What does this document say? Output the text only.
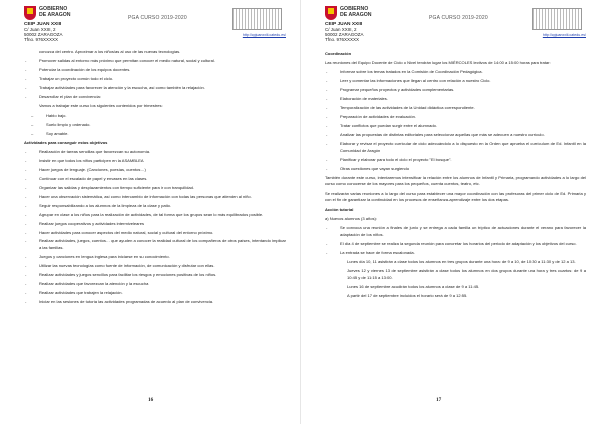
GOBIERNO
DE ARAGON
CEIP JUAN XXIII
C/ Juan XXIII, 2
50002 ZARAGOZA
Tfno. 976XXXXX
PGA CURSO 2019-2020
http://cpjuanxxiii.catedu.es/

conozca del centro. Aproximar a los niños/as al uso de las nuevas tecnologías.

- Promover salidas al entorno más próximo que permitan conocer el medio natural, social y cultural.
- Potenciar la coordinación de los equipos docentes.
- Trabajar un proyecto común todo el ciclo.
- Trabajar actividades para favorecer la atención y la escucha, así como también la relajación.
- Desarrollar el plan de convivencia:

Vamos a trabajar este curso los siguientes contenidos por trimestres:

– Hablo bajo.
– Suelo limpio y ordenado.
– Soy amable.
Actividades para conseguir estos objetivos
- Realización de tareas sencillas que favorezcan su autonomía.
- Insistir en que todos los niños participen en la ASAMBLEA
- Hacer juegos de lenguaje. (Canciones, poesías, cuentos…)
- Continuar con el escalado de papel y envases en las clases.
- Organizar las salidas y desplazamientos con tiempo suficiente para ir con tranquilidad.
- Hacer una observación sistemática, así como intercambio de información con todas las personas que atienden al niño.
- Seguir responsabilizando a los alumnos de la limpieza de la clase y patio.
- Agrupar en clase a los niños para la realización de actividades, de tal forma que los grupos sean lo más equilibrados posible.
- Realizar juegos cooperativos y actividades intermiveleares
- Hacer actividades para conocer aspectos del medio natural, social y cultural del entorno próximo.
- Realizar actividades, juegos, cuentos… que ayuden a conocer la realidad cultural de los compañeros de otros países, intentando implicar a las familias.
- Juegos y canciones en lengua inglesa para iniciarse en su conocimiento.
- Utilizar las nuevas tecnologías como fuente de información, de comunicación y disfrutar con ellas.
- Realizar actividades y juegos sencillos para facilitar los riesgos y emociones positivas de los niños.
- Realizar actividades que favorezcan la atención y la escucha
- Realizar actividades que trabajen la relajación.
- Iniciar en las sesiones de tutoría las actividades programadas de acuerdo al plan de convivencia.
16
GOBIERNO
DE ARAGON
CEIP JUAN XXIII
C/ Juan XXIII, 2
50002 ZARAGOZA
Tfno. 976XXXXX
PGA CURSO 2019-2020
http://cpjuanxxiii.catedu.es/
Coordinación

Las reuniones del Equipo Docente de Ciclo o Nivel tendrán lugar los MIÉRCOLES lectivos de 14:00 a 15:00 horas para tratar:

- Informar sobre los temas tratados en la Comisión de Coordinación Pedagógica.
- Leer y comentar las informaciones que llegan al centro con relación a nuestro Ciclo.
- Programar pequeños proyectos y actividades complementarias.
- Elaboración de materiales.
- Temporalización de las actividades de la Unidad didáctica correspondiente.
- Preparación de actividades de evaluación.
- Tratar conflictos que puedan surgir entre el alumnado.
- Analizar las propuestas de distintas editoriales para seleccionar aquellas que más se adecuen a nuestro currículo.
- Elaborar y revisar el proyecto curricular de ciclo adecuándolo a lo dispuesto en la Orden que aprueba el currículum de Ed. Infantil en la Comunidad de Aragón
- Planificar y elaborar para todo el ciclo el proyecto "El bosque".
- Otras cuestiones que vayan surgiendo

También durante este curso, intentaremos intensificar la relación entre los alumnos de Infantil y Primaria, programando actividades a lo largo del curso como conocerse de los mayores para los pequeños, cuenta cuentos, teatro, etc.

Se realizarán varias reuniones a lo largo del curso para establecer una mayor coordinación con las profesoras del primer ciclo de Ed. Primaria y con el fin de garantizar la continuidad en los procesos de enseñanza-aprendizaje entre los dos etapas.

Acción tutorial

a) Nuevos alumnos (3 años):

- Se convoca una reunión a finales de junio y se entrega a cada familia un tríptico de actuaciones durante el verano para favorecer la adaptación de los niños.
- El día 4 de septiembre se realiza la segunda reunión para concretar los horarios del periodo de adaptación y los objetivos del curso.
- La entrada se hace de forma escalonada.

Lunes día 10, 11 asistirán a clase todos los alumnos en tres grupos durante una hora: de 9 a 10, de 10:30 a 11:30 y de 12 a 13.

Jueves 12 y viernes 13 de septiembre asistirán a clase todos los alumnos en dos grupos durante una hora y tres cuartos: de 9 a 10:45 y de 11:15 a 13:00.

Lunes 16 de septiembre acudirán todos los alumnos a clase de 9 a 11:45.

A partir del 17 de septiembre incluidos el horario será de 9 a 12:55.

17
